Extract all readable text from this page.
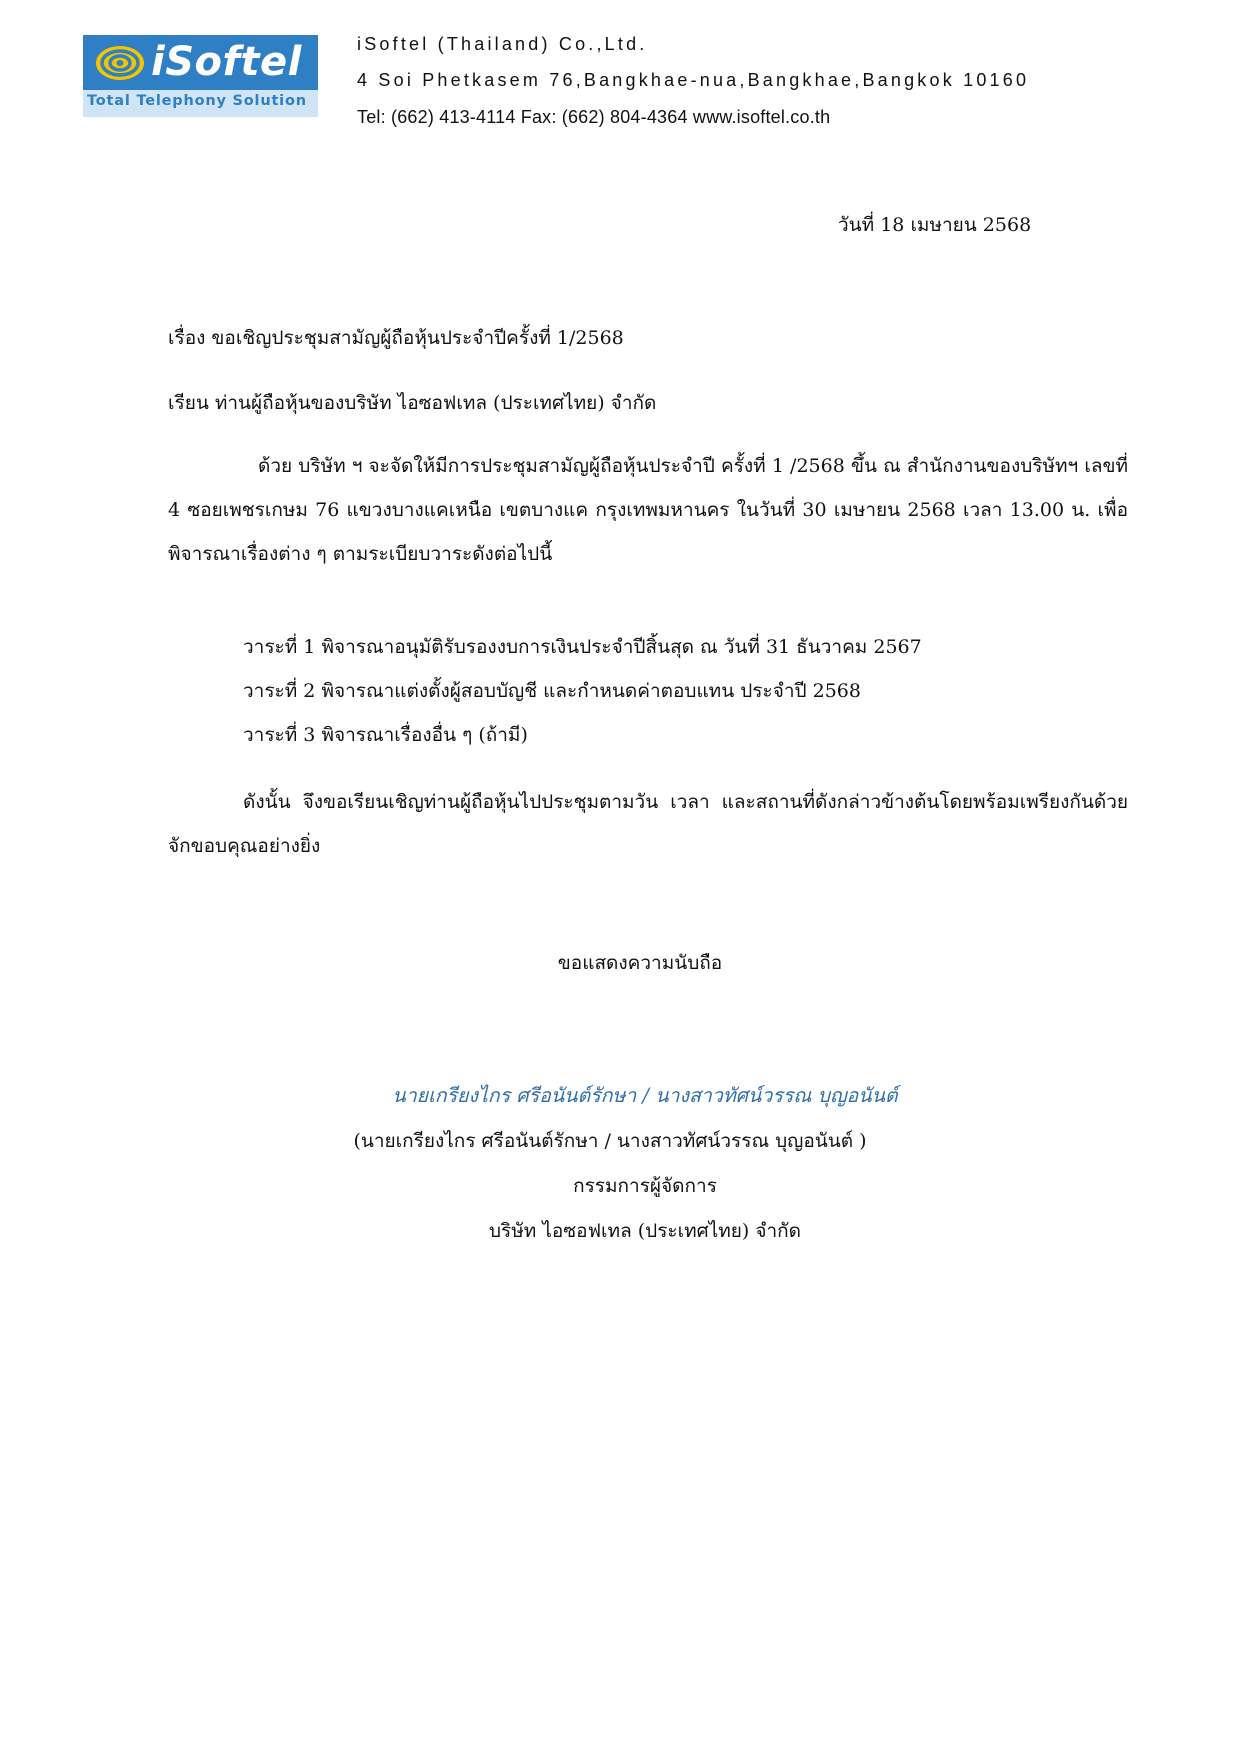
iSoftel
Total Telephony Solution
iSoftel (Thailand) Co.,Ltd.
4 Soi Phetkasem 76,Bangkhae-nua,Bangkhae,Bangkok 10160
Tel: (662) 413-4114 Fax: (662) 804-4364 www.isoftel.co.th
วันที่ 18 เมษายน 2568
เรื่อง ขอเชิญประชุมสามัญผู้ถือหุ้นประจำปีครั้งที่ 1/2568
เรียน ท่านผู้ถือหุ้นของบริษัท ไอซอฟเทล (ประเทศไทย) จำกัด
ด้วย บริษัท ฯ จะจัดให้มีการประชุมสามัญผู้ถือหุ้นประจำปี ครั้งที่ 1 /2568 ขึ้น ณ สำนักงานของบริษัทฯ เลขที่ 4 ซอยเพชรเกษม 76 แขวงบางแคเหนือ เขตบางแค กรุงเทพมหานคร ในวันที่ 30 เมษายน 2568 เวลา 13.00 น. เพื่อพิจารณาเรื่องต่าง ๆ ตามระเบียบวาระดังต่อไปนี้
วาระที่ 1 พิจารณาอนุมัติรับรองงบการเงินประจำปีสิ้นสุด ณ วันที่ 31 ธันวาคม 2567
วาระที่ 2 พิจารณาแต่งตั้งผู้สอบบัญชี และกำหนดค่าตอบแทน ประจำปี 2568
วาระที่ 3 พิจารณาเรื่องอื่น ๆ (ถ้ามี)
ดังนั้น จึงขอเรียนเชิญท่านผู้ถือหุ้นไปประชุมตามวัน เวลา และสถานที่ดังกล่าวข้างต้นโดยพร้อมเพรียงกันด้วย จักขอบคุณอย่างยิ่ง
ขอแสดงความนับถือ
นายเกรียงไกร ศรีอนันต์รักษา / นางสาวทัศน์วรรณ บุญอนันต์
(นายเกรียงไกร ศรีอนันต์รักษา / นางสาวทัศน์วรรณ บุญอนันต์ )
กรรมการผู้จัดการ
บริษัท ไอซอฟเทล (ประเทศไทย) จำกัด
